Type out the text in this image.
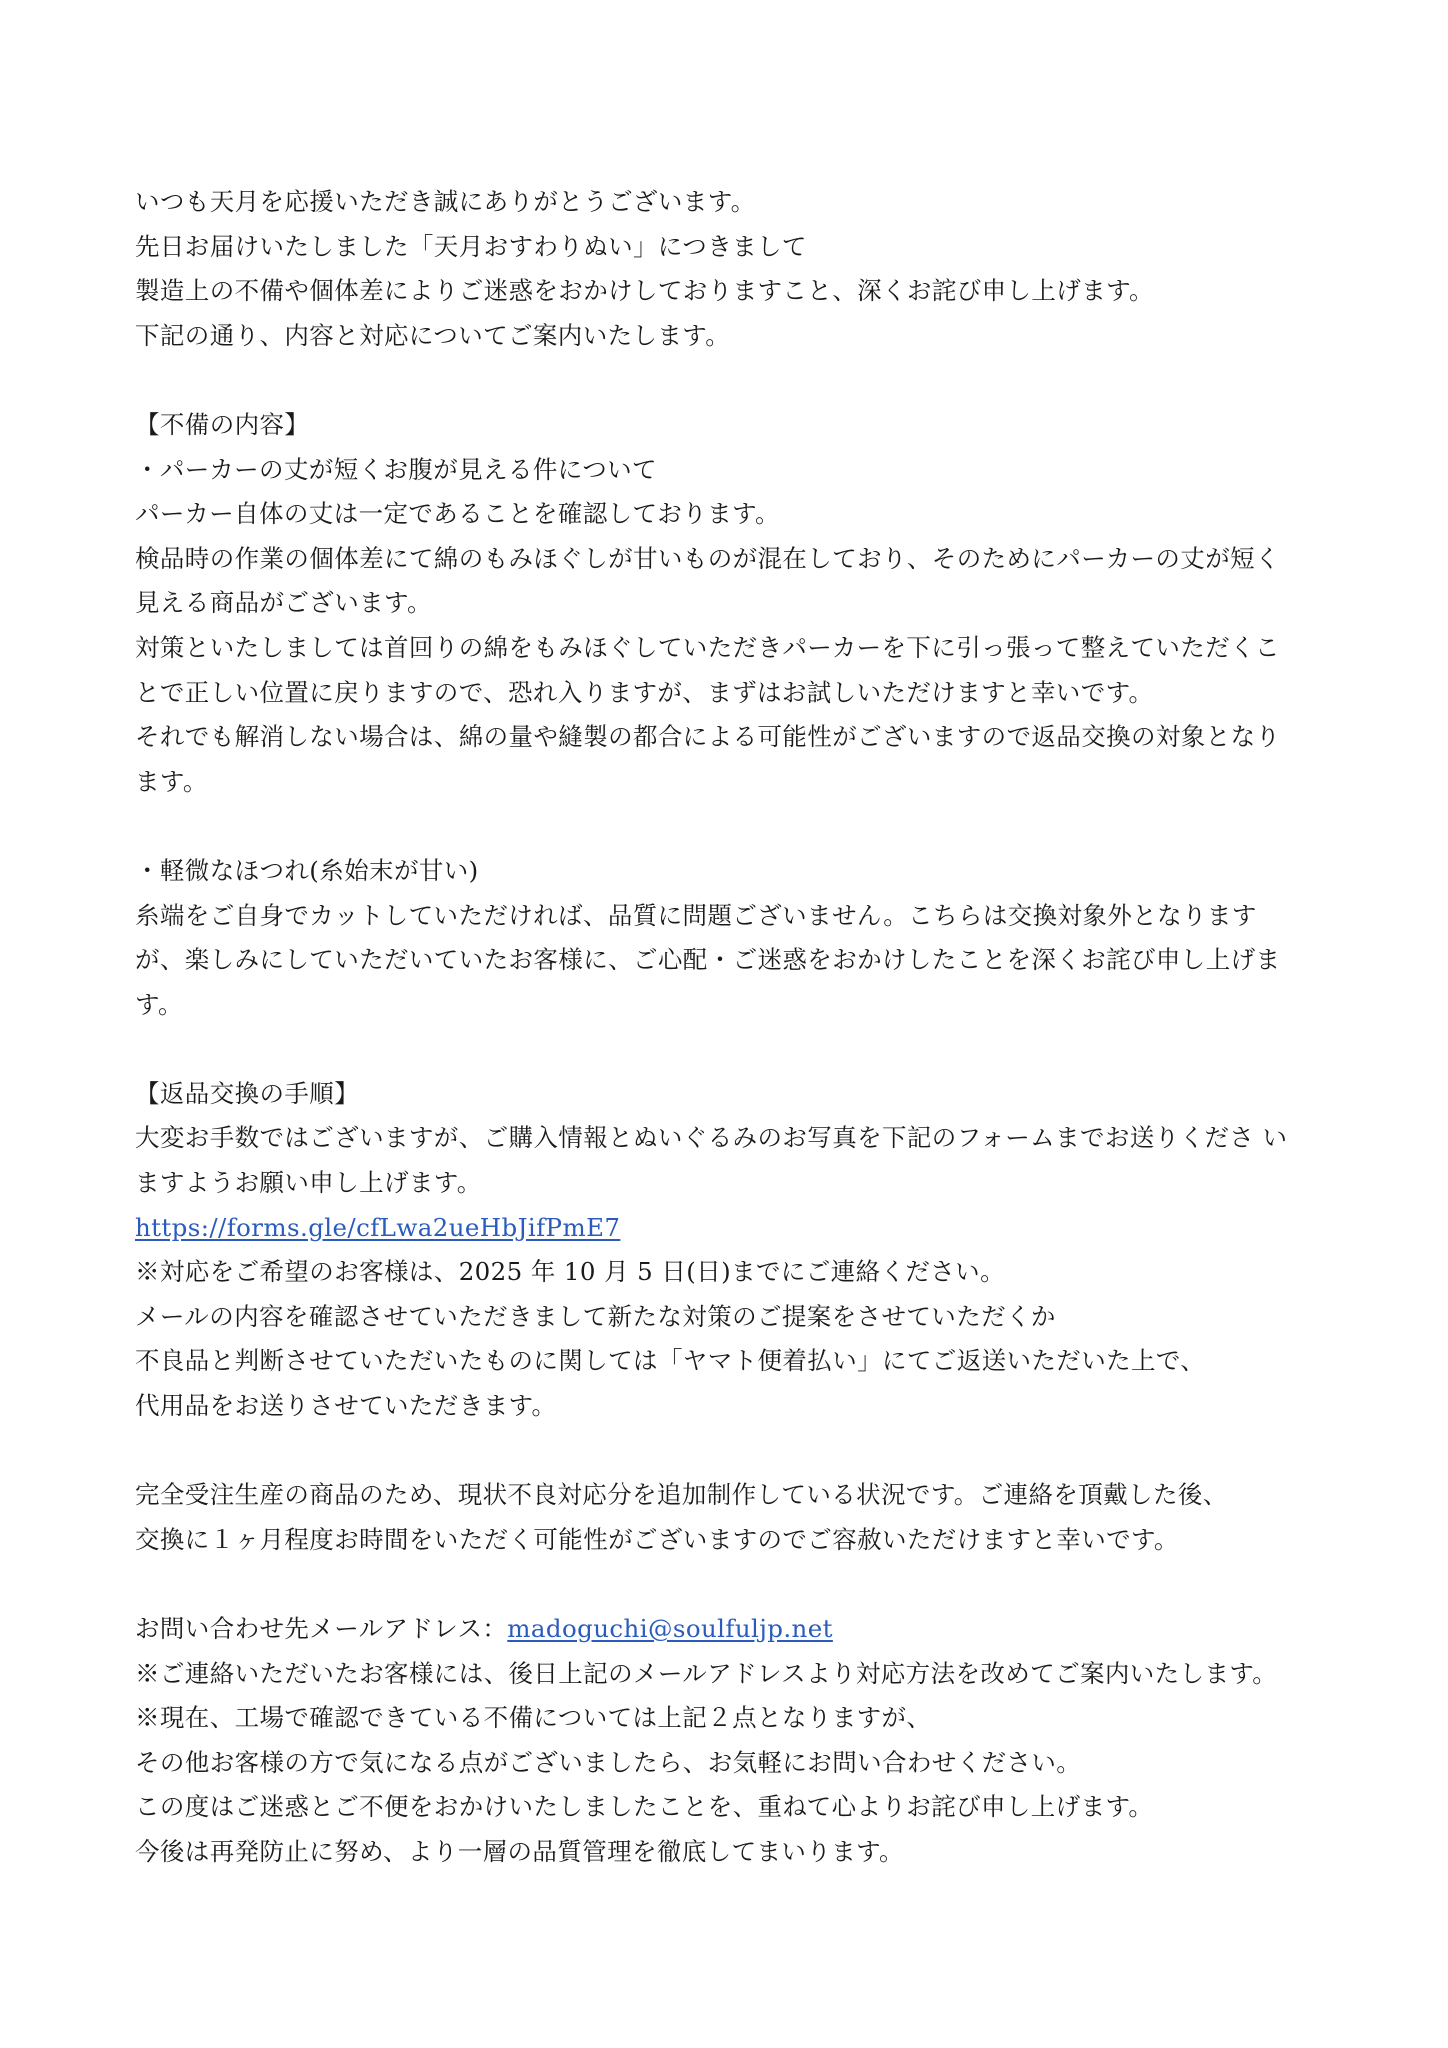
いつも天月を応援いただき誠にありがとうございます。
先日お届けいたしました「天月おすわりぬい」につきまして
製造上の不備や個体差によりご迷惑をおかけしておりますこと、深くお詫び申し上げます。
下記の通り、内容と対応についてご案内いたします。
【不備の内容】
・パーカーの丈が短くお腹が見える件について
パーカー自体の丈は一定であることを確認しております。
検品時の作業の個体差にて綿のもみほぐしが甘いものが混在しており、そのためにパーカーの丈が短く
見える商品がございます。
対策といたしましては首回りの綿をもみほぐしていただきパーカーを下に引っ張って整えていただくこ
とで正しい位置に戻りますので、恐れ入りますが、まずはお試しいただけますと幸いです。
それでも解消しない場合は、綿の量や縫製の都合による可能性がございますので返品交換の対象となり
ます。
・軽微なほつれ(糸始末が甘い)
糸端をご自身でカットしていただければ、品質に問題ございません。こちらは交換対象外となります
が、楽しみにしていただいていたお客様に、ご心配・ご迷惑をおかけしたことを深くお詫び申し上げま
す。
【返品交換の手順】
大変お手数ではございますが、ご購入情報とぬいぐるみのお写真を下記のフォームまでお送りくださ い
ますようお願い申し上げます。
https://forms.gle/cfLwa2ueHbJifPmE7
※対応をご希望のお客様は、2025 年 10 月 5 日(日)までにご連絡ください。
メールの内容を確認させていただきまして新たな対策のご提案をさせていただくか
不良品と判断させていただいたものに関しては「ヤマト便着払い」にてご返送いただいた上で、
代用品をお送りさせていただきます。
完全受注生産の商品のため、現状不良対応分を追加制作している状況です。ご連絡を頂戴した後、
交換に１ヶ月程度お時間をいただく可能性がございますのでご容赦いただけますと幸いです。
お問い合わせ先メールアドレス：madoguchi@soulfuljp.net
※ご連絡いただいたお客様には、後日上記のメールアドレスより対応方法を改めてご案内いたします。
※現在、工場で確認できている不備については上記２点となりますが、
その他お客様の方で気になる点がございましたら、お気軽にお問い合わせください。
この度はご迷惑とご不便をおかけいたしましたことを、重ねて心よりお詫び申し上げます。
今後は再発防止に努め、より一層の品質管理を徹底してまいります。
